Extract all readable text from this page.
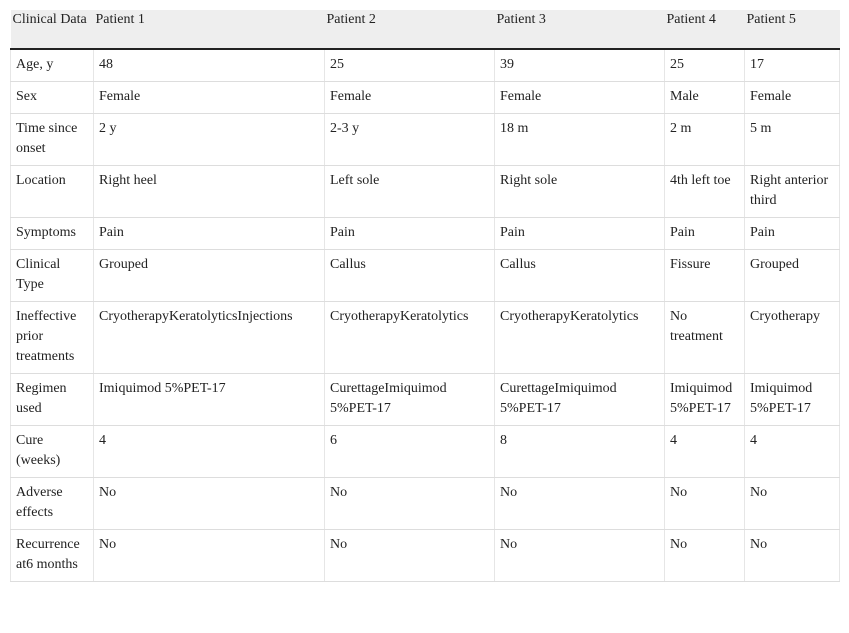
Clinical Data	Patient 1	Patient 2	Patient 3	Patient 4	Patient 5
Age, y	48	25	39	25	17
Sex	Female	Female	Female	Male	Female
Time since onset	2 y	2-3 y	18 m	2 m	5 m
Location	Right heel	Left sole	Right sole	4th left toe	Right anterior third
Symptoms	Pain	Pain	Pain	Pain	Pain
Clinical Type	Grouped	Callus	Callus	Fissure	Grouped
Ineffective prior treatments	CryotherapyKeratolyticsInjections	CryotherapyKeratolytics	CryotherapyKeratolytics	No treatment	Cryotherapy
Regimen used	Imiquimod 5%PET-17	CurettageImiquimod 5%PET-17	CurettageImiquimod 5%PET-17	Imiquimod 5%PET-17	Imiquimod 5%PET-17
Cure (weeks)	4	6	8	4	4
Adverse effects	No	No	No	No	No
Recurrence at6 months	No	No	No	No	No
